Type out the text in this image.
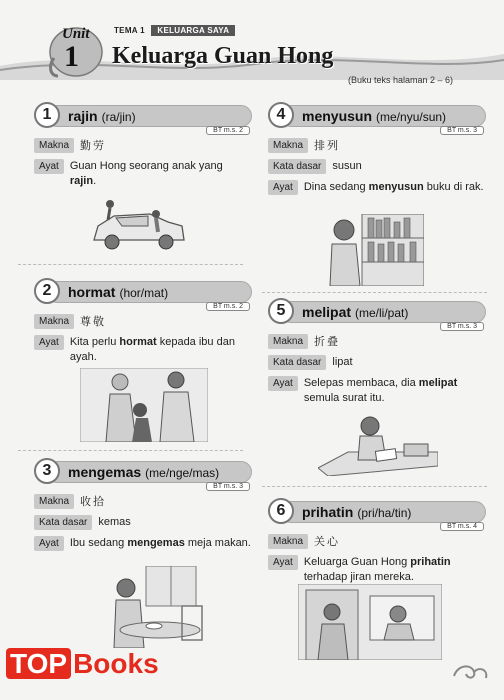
Unit
1
TEMA 1 KELUARGA SAYA
Keluarga Guan Hong
(Buku teks halaman 2 – 6)
1	rajin (ra/jin)
BT m.s. 2
Makna	勤劳
Ayat	Guan Hong seorang anak yang rajin.
2	hormat (hor/mat)
BT m.s. 2
Makna	尊敬
Ayat	Kita perlu hormat kepada ibu dan ayah.
3	mengemas (me/nge/mas)
BT m.s. 3
Makna	收拾
Kata dasar	kemas
Ayat	Ibu sedang mengemas meja makan.
4	menyusun (me/nyu/sun)
BT m.s. 3
Makna	排列
Kata dasar	susun
Ayat	Dina sedang menyusun buku di rak.
5	melipat (me/li/pat)
BT m.s. 3
Makna	折叠
Kata dasar	lipat
Ayat	Selepas membaca, dia melipat semula surat itu.
6	prihatin (pri/ha/tin)
BT m.s. 4
Makna	关心
Ayat	Keluarga Guan Hong prihatin terhadap jiran mereka.
TOP Books
